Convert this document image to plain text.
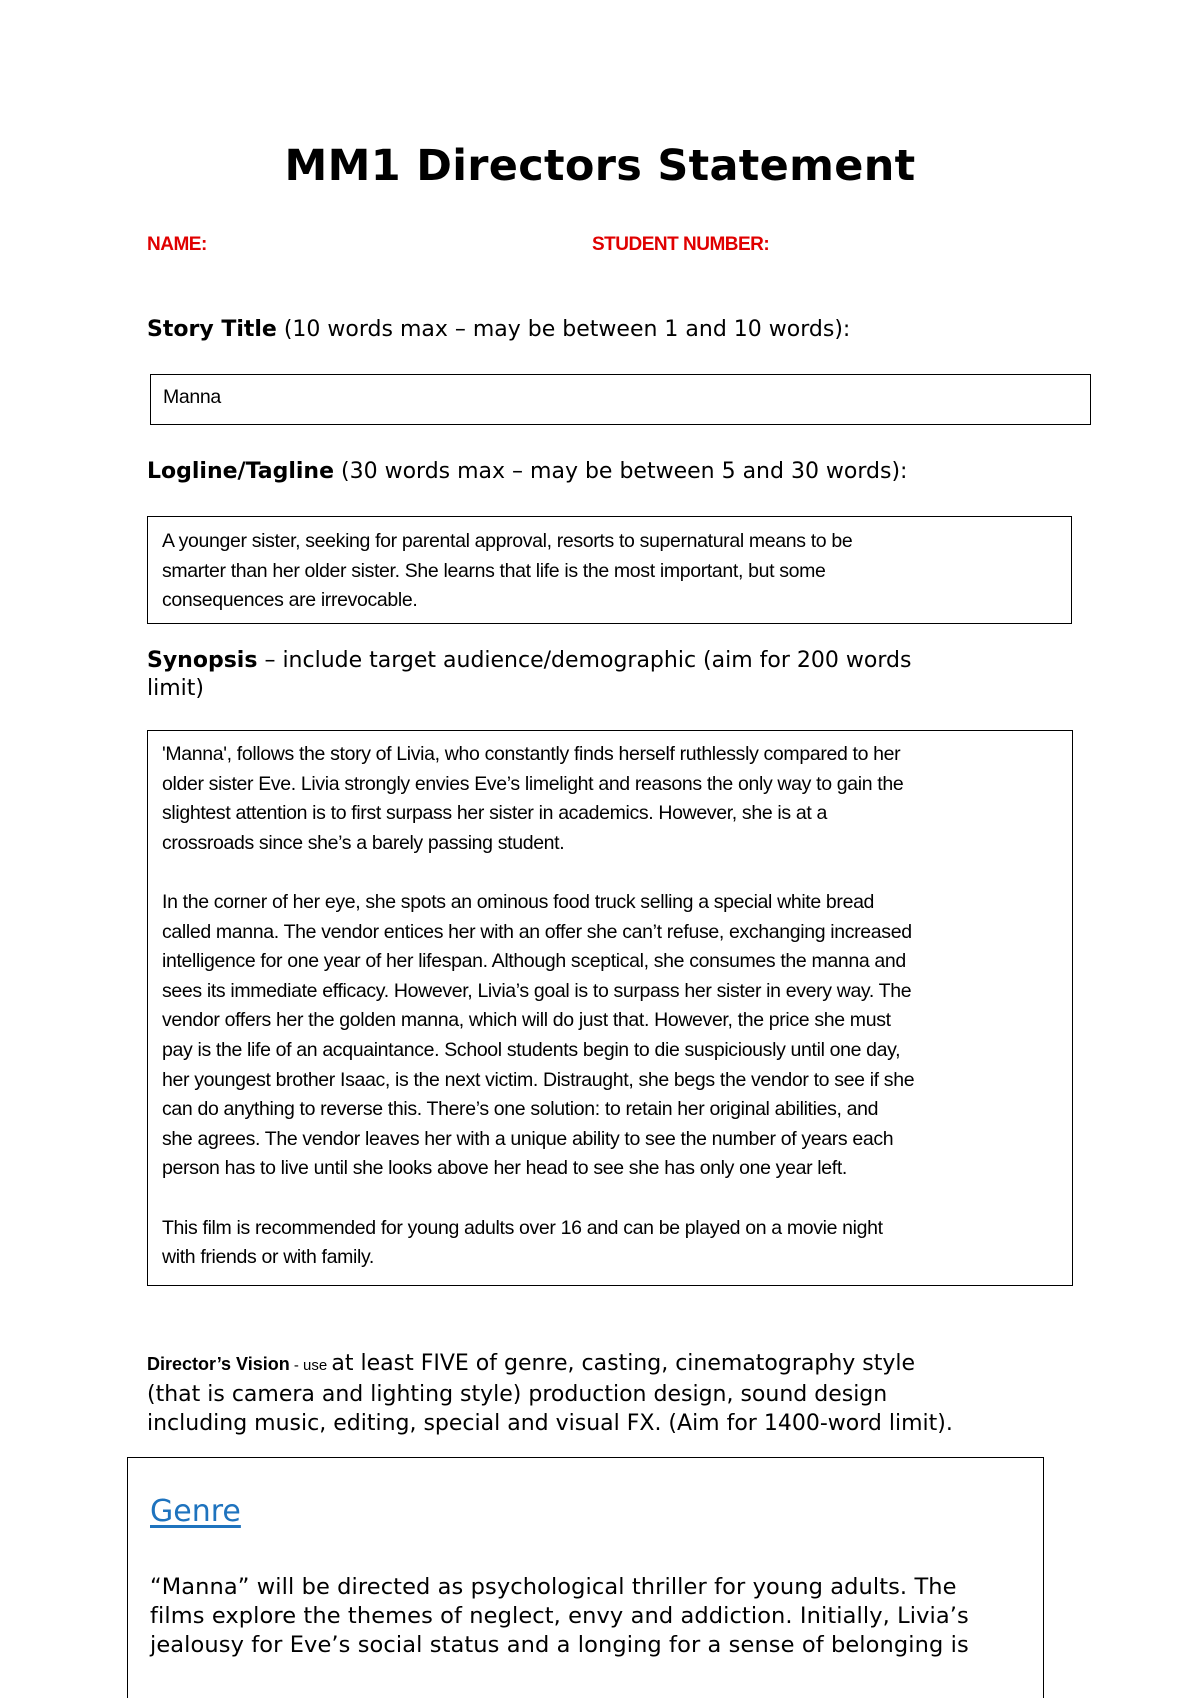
MM1 Directors Statement
NAME:	STUDENT NUMBER:
Story Title (10 words max – may be between 1 and 10 words):
Manna
Logline/Tagline (30 words max – may be between 5 and 30 words):
A younger sister, seeking for parental approval, resorts to supernatural means to be
smarter than her older sister. She learns that life is the most important, but some
consequences are irrevocable.
Synopsis – include target audience/demographic (aim for 200 words
limit)

'Manna', follows the story of Livia, who constantly finds herself ruthlessly compared to her
older sister Eve. Livia strongly envies Eve’s limelight and reasons the only way to gain the
slightest attention is to first surpass her sister in academics. However, she is at a
crossroads since she’s a barely passing student.

In the corner of her eye, she spots an ominous food truck selling a special white bread
called manna. The vendor entices her with an offer she can’t refuse, exchanging increased
intelligence for one year of her lifespan. Although sceptical, she consumes the manna and
sees its immediate efficacy. However, Livia’s goal is to surpass her sister in every way. The
vendor offers her the golden manna, which will do just that. However, the price she must
pay is the life of an acquaintance. School students begin to die suspiciously until one day,
her youngest brother Isaac, is the next victim. Distraught, she begs the vendor to see if she
can do anything to reverse this. There’s one solution: to retain her original abilities, and
she agrees. The vendor leaves her with a unique ability to see the number of years each
person has to live until she looks above her head to see she has only one year left.

This film is recommended for young adults over 16 and can be played on a movie night
with friends or with family.

Director’s Vision - use at least FIVE of genre, casting, cinematography style
(that is camera and lighting style) production design, sound design
including music, editing, special and visual FX. (Aim for 1400-word limit).
Genre
“Manna” will be directed as psychological thriller for young adults. The
films explore the themes of neglect, envy and addiction. Initially, Livia’s
jealousy for Eve’s social status and a longing for a sense of belonging is
